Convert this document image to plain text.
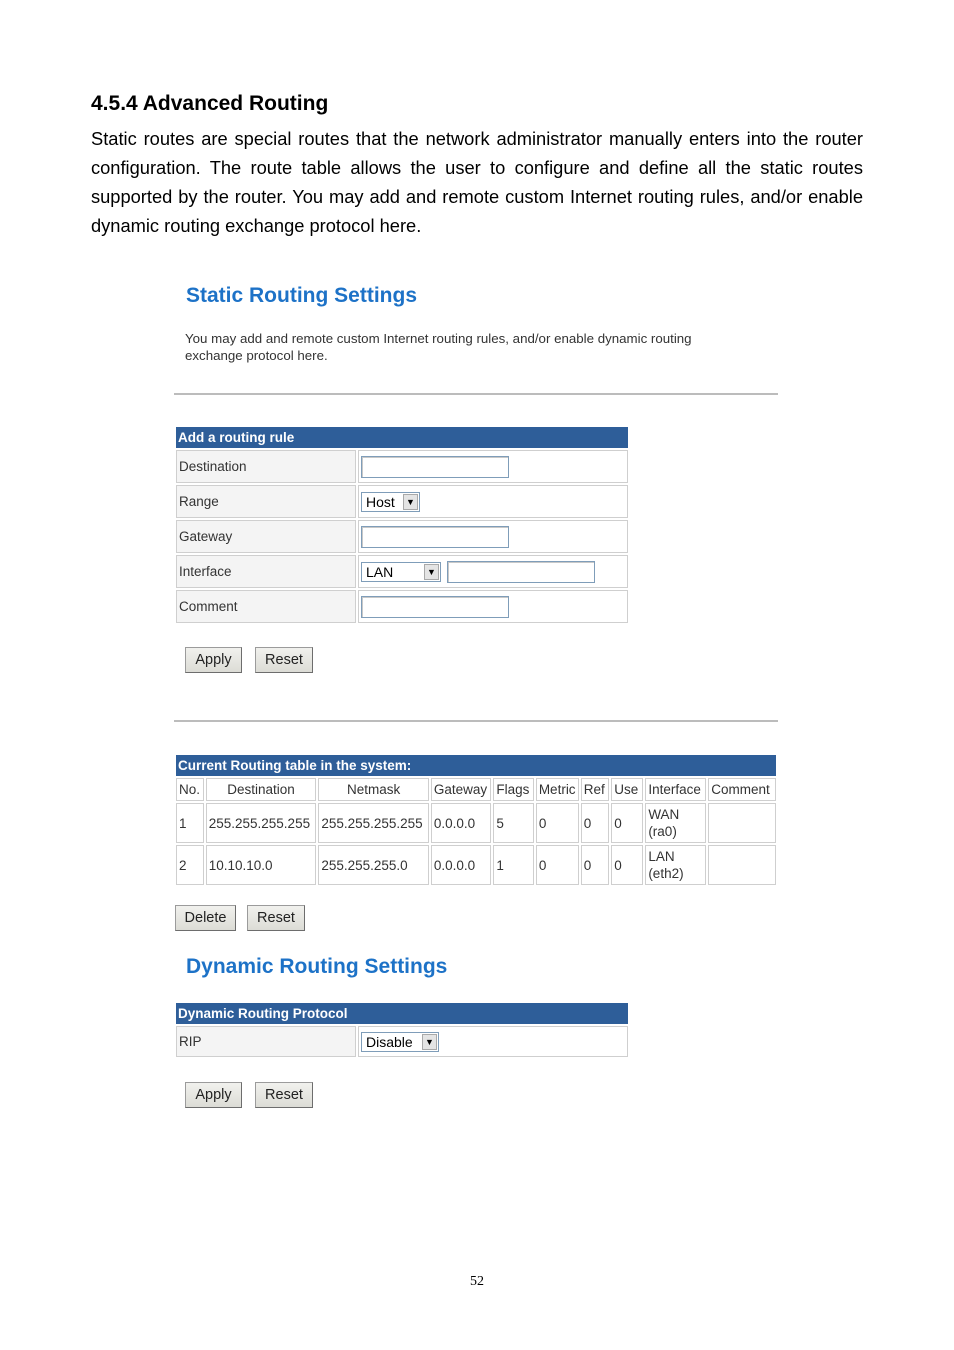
4.5.4 Advanced Routing

Static routes are special routes that the network administrator manually enters into the router configuration. The route table allows the user to configure and define all the static routes supported by the router. You may add and remote custom Internet routing rules, and/or enable dynamic routing exchange protocol here.

Static Routing Settings

You may add and remote custom Internet routing rules, and/or enable dynamic routing exchange protocol here.

Add a routing rule	
Destination	
Range	Host ▼

Gateway	
Interface	LAN ▼

Comment	
Apply	Reset
Current Routing table in the system:									
No.	Destination	Netmask	Gateway	Flags	Metric	Ref	Use	Interface	Comment
1	255.255.255.255	255.255.255.255	0.0.0.0	5	0	0	0	WAN
(ra0)	
2	10.10.10.0	255.255.255.0	0.0.0.0	1	0	0	0	LAN
(eth2)	
Delete	Reset
Dynamic Routing Settings
Dynamic Routing Protocol
RIP	Disable	▼
Apply	Reset
52
